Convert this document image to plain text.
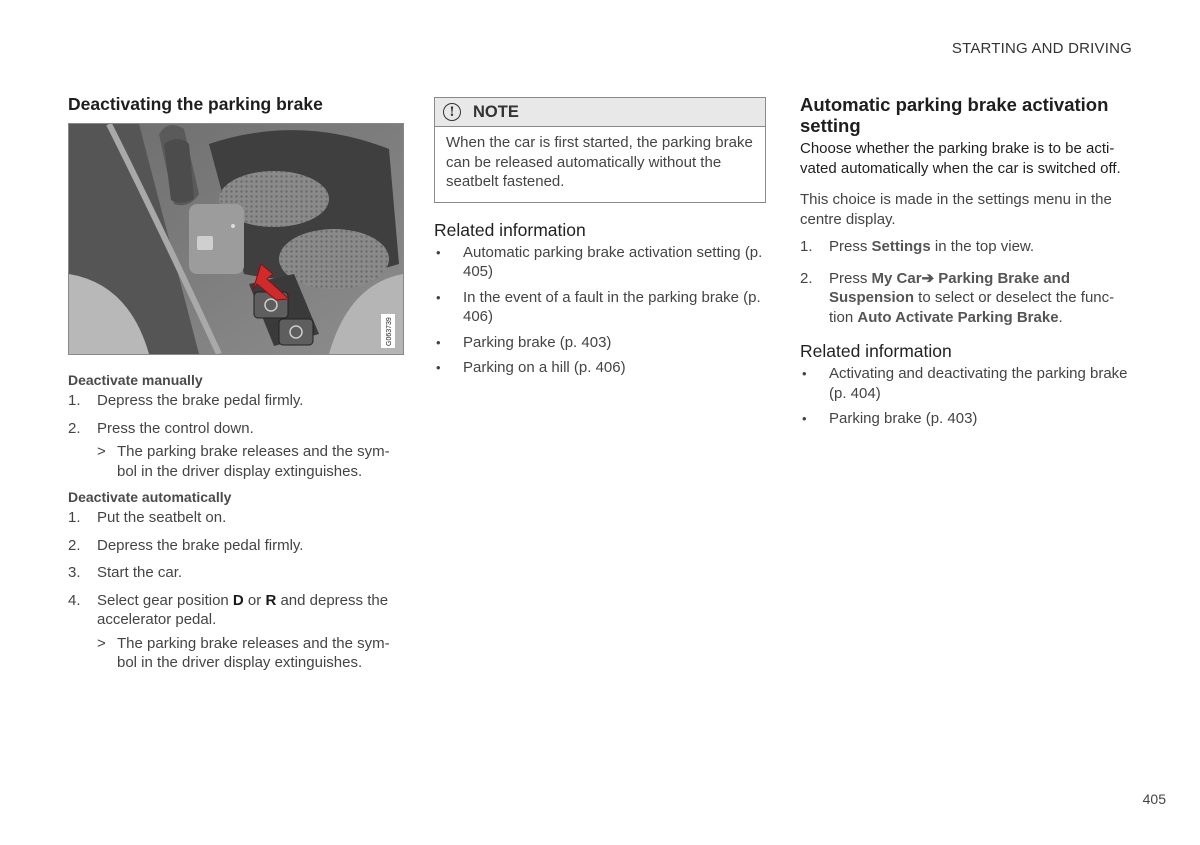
STARTING AND DRIVING
Deactivating the parking brake
G063739
Deactivate manually
1. Depress the brake pedal firmly.
2. Press the control down.
> The parking brake releases and the sym-bol in the driver display extinguishes.
Deactivate automatically
1. Put the seatbelt on.
2. Depress the brake pedal firmly.
3. Start the car.
4. Select gear position D or R and depress the accelerator pedal.
> The parking brake releases and the sym-bol in the driver display extinguishes.
!	NOTE

When the car is first started, the parking brake can be released automatically without the seatbelt fastened.

Related information
• Automatic parking brake activation setting (p. 405)
• In the event of a fault in the parking brake (p. 406)
• Parking brake (p. 403)
• Parking on a hill (p. 406)
Automatic parking brake activation setting

Choose whether the parking brake is to be acti-vated automatically when the car is switched off.

This choice is made in the settings menu in the centre display.

1. Press Settings in the top view.
2. Press My Car➔ Parking Brake and Suspension to select or deselect the func-tion Auto Activate Parking Brake.
Related information
• Activating and deactivating the parking brake (p. 404)
• Parking brake (p. 403)
405
